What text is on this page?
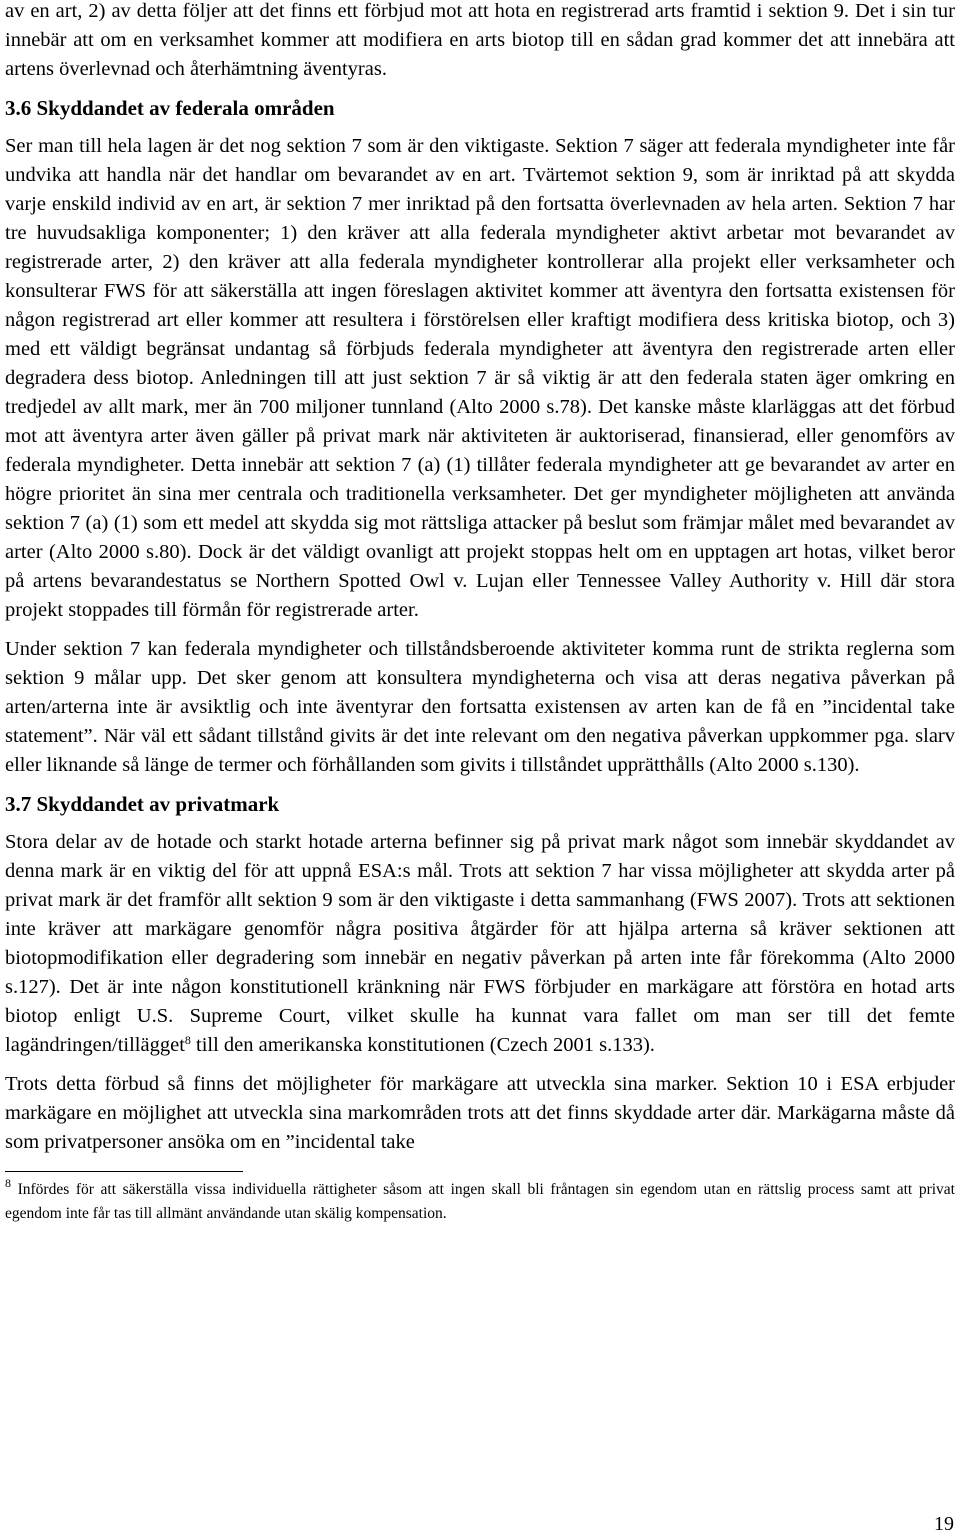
av en art, 2) av detta följer att det finns ett förbjud mot att hota en registrerad arts framtid i sektion 9. Det i sin tur innebär att om en verksamhet kommer att modifiera en arts biotop till en sådan grad kommer det att innebära att artens överlevnad och återhämtning äventyras.

3.6 Skyddandet av federala områden

Ser man till hela lagen är det nog sektion 7 som är den viktigaste. Sektion 7 säger att federala myndigheter inte får undvika att handla när det handlar om bevarandet av en art. Tvärtemot sektion 9, som är inriktad på att skydda varje enskild individ av en art, är sektion 7 mer inriktad på den fortsatta överlevnaden av hela arten. Sektion 7 har tre huvudsakliga komponenter; 1) den kräver att alla federala myndigheter aktivt arbetar mot bevarandet av registrerade arter, 2) den kräver att alla federala myndigheter kontrollerar alla projekt eller verksamheter och konsulterar FWS för att säkerställa att ingen föreslagen aktivitet kommer att äventyra den fortsatta existensen för någon registrerad art eller kommer att resultera i förstörelsen eller kraftigt modifiera dess kritiska biotop, och 3) med ett väldigt begränsat undantag så förbjuds federala myndigheter att äventyra den registrerade arten eller degradera dess biotop. Anledningen till att just sektion 7 är så viktig är att den federala staten äger omkring en tredjedel av allt mark, mer än 700 miljoner tunnland (Alto 2000 s.78). Det kanske måste klarläggas att det förbud mot att äventyra arter även gäller på privat mark när aktiviteten är auktoriserad, finansierad, eller genomförs av federala myndigheter. Detta innebär att sektion 7 (a) (1) tillåter federala myndigheter att ge bevarandet av arter en högre prioritet än sina mer centrala och traditionella verksamheter. Det ger myndigheter möjligheten att använda sektion 7 (a) (1) som ett medel att skydda sig mot rättsliga attacker på beslut som främjar målet med bevarandet av arter (Alto 2000 s.80). Dock är det väldigt ovanligt att projekt stoppas helt om en upptagen art hotas, vilket beror på artens bevarandestatus se Northern Spotted Owl v. Lujan eller Tennessee Valley Authority v. Hill där stora projekt stoppades till förmån för registrerade arter.

Under sektion 7 kan federala myndigheter och tillståndsberoende aktiviteter komma runt de strikta reglerna som sektion 9 målar upp. Det sker genom att konsultera myndigheterna och visa att deras negativa påverkan på arten/arterna inte är avsiktlig och inte äventyrar den fortsatta existensen av arten kan de få en ”incidental take statement”. När väl ett sådant tillstånd givits är det inte relevant om den negativa påverkan uppkommer pga. slarv eller liknande så länge de termer och förhållanden som givits i tillståndet upprätthålls (Alto 2000 s.130).

3.7 Skyddandet av privatmark

Stora delar av de hotade och starkt hotade arterna befinner sig på privat mark något som innebär skyddandet av denna mark är en viktig del för att uppnå ESA:s mål. Trots att sektion 7 har vissa möjligheter att skydda arter på privat mark är det framför allt sektion 9 som är den viktigaste i detta sammanhang (FWS 2007). Trots att sektionen inte kräver att markägare genomför några positiva åtgärder för att hjälpa arterna så kräver sektionen att biotopmodifikation eller degradering som innebär en negativ påverkan på arten inte får förekomma (Alto 2000 s.127). Det är inte någon konstitutionell kränkning när FWS förbjuder en markägare att förstöra en hotad arts biotop enligt U.S. Supreme Court, vilket skulle ha kunnat vara fallet om man ser till det femte lagändringen/tillägget$^8$ till den amerikanska konstitutionen (Czech 2001 s.133).

Trots detta förbud så finns det möjligheter för markägare att utveckla sina marker. Sektion 10 i ESA erbjuder markägare en möjlighet att utveckla sina markområden trots att det finns skyddade arter där. Markägarna måste då som privatpersoner ansöka om en ”incidental take

$^8$ Infördes för att säkerställa vissa individuella rättigheter såsom att ingen skall bli fråntagen sin egendom utan en rättslig process samt att privat egendom inte får tas till allmänt användande utan skälig kompensation.
19
